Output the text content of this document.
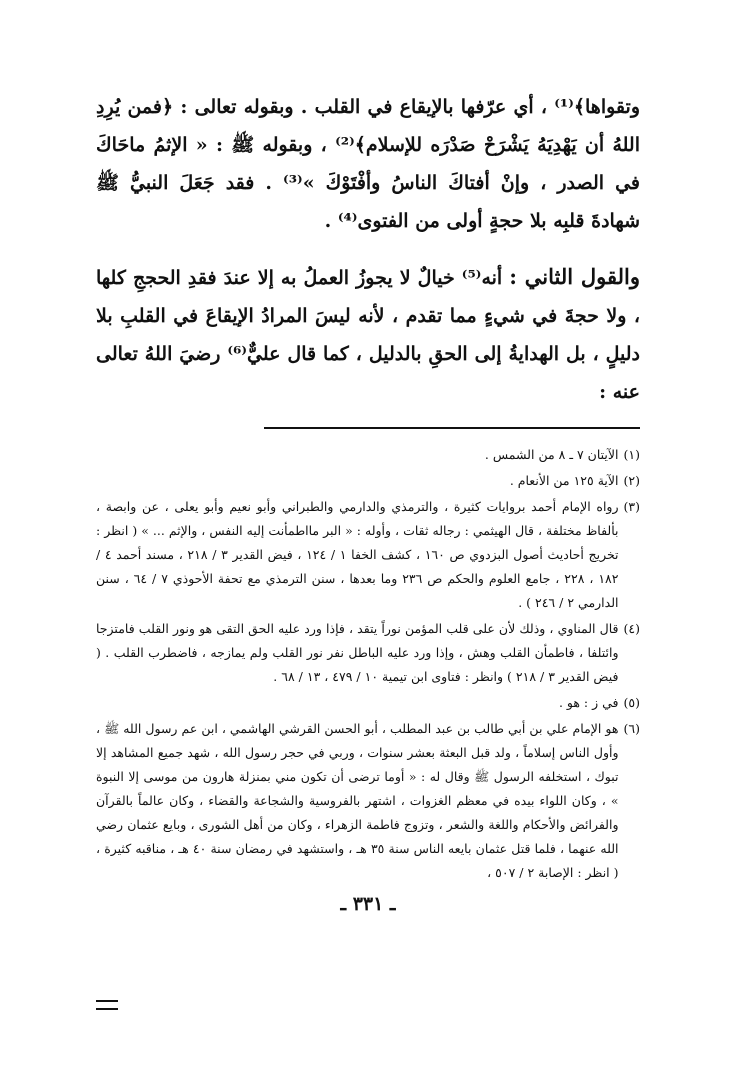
وتقواها﴾⁽¹⁾ ، أي عرّفها بالإيقاع في القلب . وبقوله تعالى : ﴿فمن يُرِدِ اللهُ أن يَهْدِيَهُ يَشْرَحْ صَدْرَه للإسلام﴾⁽²⁾ ، وبقوله ﷺ : « الإثمُ ماحَاكَ في الصدر ، وإنْ أفتاكَ الناسُ وأفْتَوْكَ »⁽³⁾ . فقد جَعَلَ النبيُّ ﷺ شهادةَ قلبِه بلا حجةٍ أولى من الفتوى⁽⁴⁾ .

والقول الثاني : أنه⁽⁵⁾ خيالٌ لا يجوزُ العملُ به إلا عندَ فقدِ الحججِ كلها ، ولا حجةَ في شيءٍ مما تقدم ، لأنه ليسَ المرادُ الإيقاعَ في القلبِ بلا دليلٍ ، بل الهدايةُ إلى الحقِ بالدليل ، كما قال عليٌّ⁽⁶⁾ رضيَ اللهُ تعالى عنه :

(١)
الآيتان ٧ ـ ٨ من الشمس .
(٢)
الآية ١٢٥ من الأنعام .
(٣)
رواه الإمام أحمد بروايات كثيرة ، والترمذي والدارمي والطبراني وأبو نعيم وأبو يعلى ، عن وابصة ، بألفاظ مختلفة ، قال الهيثمي : رجاله ثقات ، وأوله : « البر مااطمأنت إليه النفس ، والإثم ... » ( انظر : تخريج أحاديث أصول البزدوي ص ١٦٠ ، كشف الخفا ١ / ١٢٤ ، فيض القدير ٣ / ٢١٨ ، مسند أحمد ٤ / ١٨٢ ، ٢٢٨ ، جامع العلوم والحكم ص ٢٣٦ وما بعدها ، سنن الترمذي مع تحفة الأحوذي ٧ / ٦٤ ، سنن الدارمي ٢ / ٢٤٦ ) .
(٤)
قال المناوي ، وذلك لأن على قلب المؤمن نوراً يتقد ، فإذا ورد عليه الحق التقى هو ونور القلب فامتزجا وائتلفا ، فاطمأن القلب وهش ، وإذا ورد عليه الباطل نفر نور القلب ولم يمازجه ، فاضطرب القلب . ( فيض القدير ٣ / ٢١٨ ) وانظر : فتاوى ابن تيمية ١٠ / ٤٧٩ ، ١٣ / ٦٨ .
(٥)
في ز : هو .
(٦)
هو الإمام علي بن أبي طالب بن عبد المطلب ، أبو الحسن القرشي الهاشمي ، ابن عم رسول الله ﷺ ، وأول الناس إسلاماً ، ولد قبل البعثة بعشر سنوات ، وربي في حجر رسول الله ، شهد جميع المشاهد إلا تبوك ، استخلفه الرسول ﷺ وقال له : « أوما ترضى أن تكون مني بمنزلة هارون من موسى إلا النبوة » ، وكان اللواء بيده في معظم الغزوات ، اشتهر بالفروسية والشجاعة والقضاء ، وكان عالماً بالقرآن والفرائض والأحكام واللغة والشعر ، وتزوج فاطمة الزهراء ، وكان من أهل الشورى ، وبايع عثمان رضي الله عنهما ، فلما قتل عثمان بايعه الناس سنة ٣٥ هـ ، واستشهد في رمضان سنة ٤٠ هـ ، مناقبه كثيرة ، ( انظر : الإصابة ٢ / ٥٠٧ ،
ـ ٣٣١ ـ
